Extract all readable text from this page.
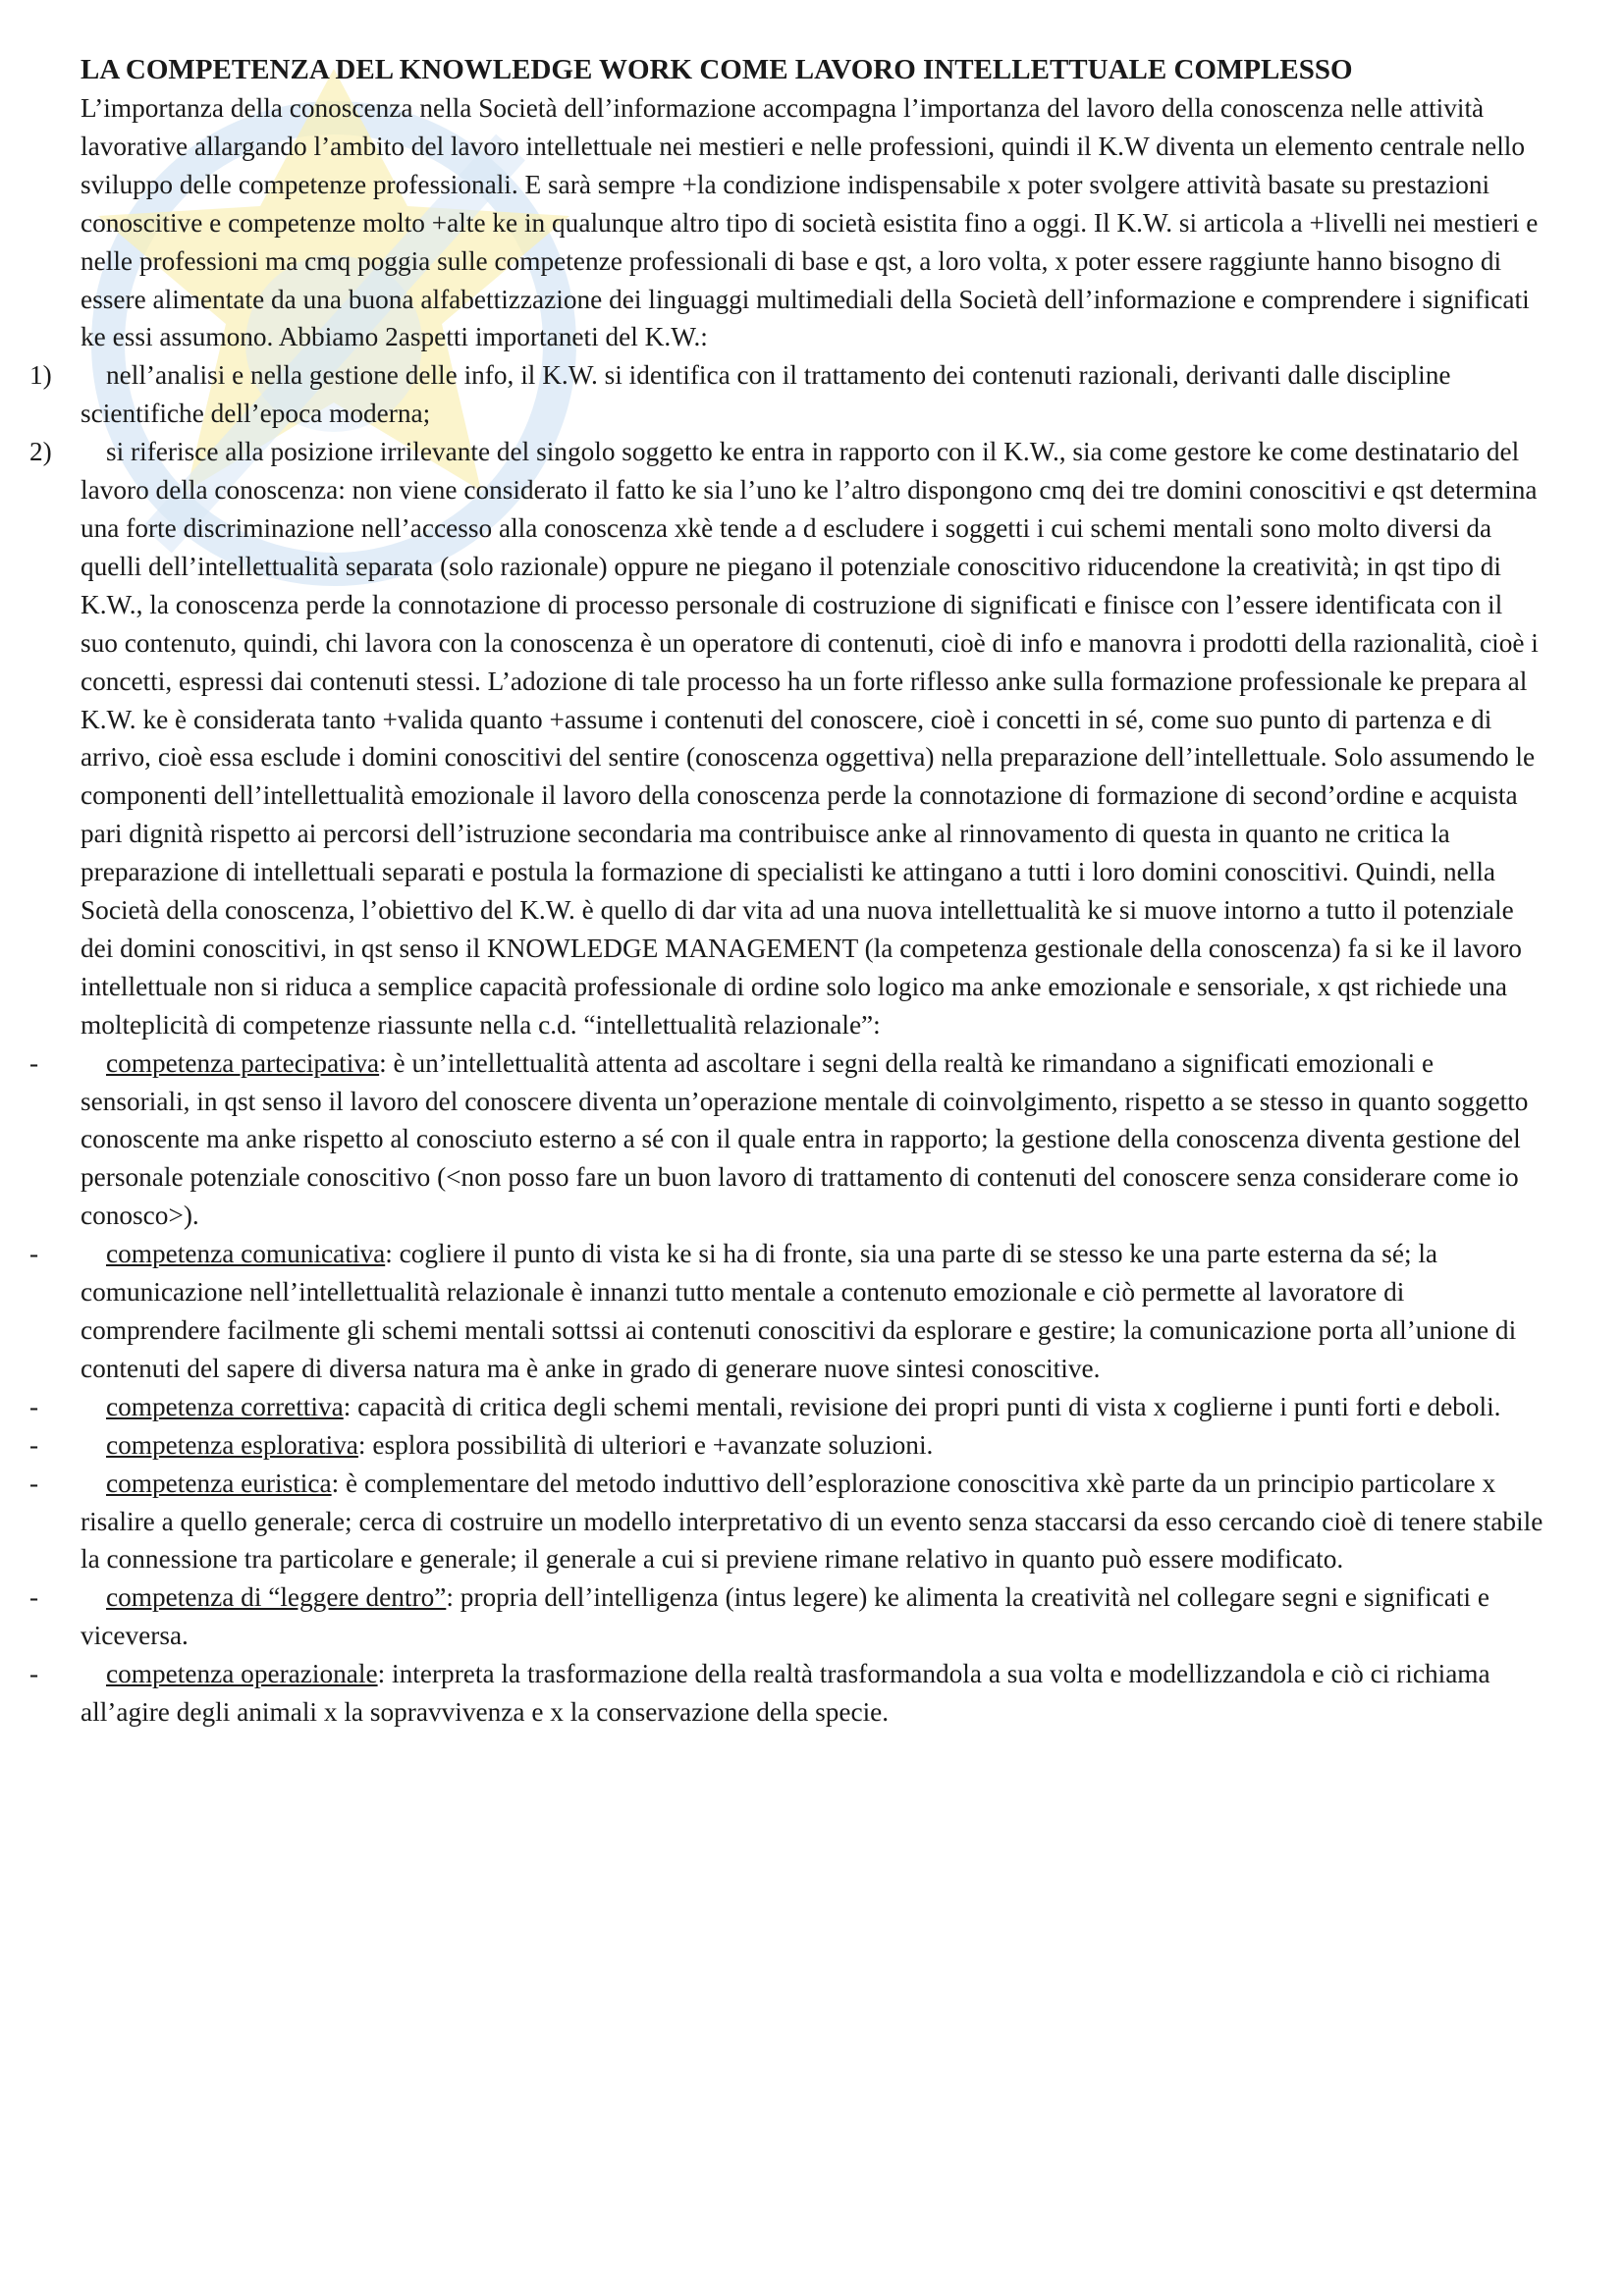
LA COMPETENZA DEL KNOWLEDGE WORK COME LAVORO INTELLETTUALE COMPLESSO

L’importanza della conoscenza nella Società dell’informazione accompagna l’importanza del lavoro della conoscenza nelle attività lavorative allargando l’ambito del lavoro intellettuale nei mestieri e nelle professioni, quindi il K.W diventa un elemento centrale nello sviluppo delle competenze professionali. E sarà sempre +la condizione indispensabile x poter svolgere attività basate su prestazioni conoscitive e competenze molto +alte ke in qualunque altro tipo di società esistita fino a oggi. Il K.W. si articola a +livelli nei mestieri e nelle professioni ma cmq poggia sulle competenze professionali di base e qst, a loro volta, x poter essere raggiunte hanno bisogno di essere alimentate da una buona alfabettizzazione dei linguaggi multimediali della Società dell’informazione e comprendere i significati ke essi assumono. Abbiamo 2aspetti importaneti del K.W.:

1) nell’analisi e nella gestione delle info, il K.W. si identifica con il trattamento dei contenuti razionali, derivanti dalle discipline scientifiche dell’epoca moderna;
2) si riferisce alla posizione irrilevante del singolo soggetto ke entra in rapporto con il K.W., sia come gestore ke come destinatario del lavoro della conoscenza: non viene considerato il fatto ke sia l’uno ke l’altro dispongono cmq dei tre domini conoscitivi e qst determina una forte discriminazione nell’accesso alla conoscenza xkè tende a d escludere i soggetti i cui schemi mentali sono molto diversi da quelli dell’intellettualità separata (solo razionale) oppure ne piegano il potenziale conoscitivo riducendone la creatività; in qst tipo di K.W., la conoscenza perde la connotazione di processo personale di costruzione di significati e finisce con l’essere identificata con il suo contenuto, quindi, chi lavora con la conoscenza è un operatore di contenuti, cioè di info e manovra i prodotti della razionalità, cioè i concetti, espressi dai contenuti stessi. L’adozione di tale processo ha un forte riflesso anke sulla formazione professionale ke prepara al K.W. ke è considerata tanto +valida quanto +assume i contenuti del conoscere, cioè i concetti in sé, come suo punto di partenza e di arrivo, cioè essa esclude i domini conoscitivi del sentire (conoscenza oggettiva) nella preparazione dell’intellettuale. Solo assumendo le componenti dell’intellettualità emozionale il lavoro della conoscenza perde la connotazione di formazione di second’ordine e acquista pari dignità rispetto ai percorsi dell’istruzione secondaria ma contribuisce anke al rinnovamento di questa in quanto ne critica la preparazione di intellettuali separati e postula la formazione di specialisti ke attingano a tutti i loro domini conoscitivi. Quindi, nella Società della conoscenza, l’obiettivo del K.W. è quello di dar vita ad una nuova intellettualità ke si muove intorno a tutto il potenziale dei domini conoscitivi, in qst senso il KNOWLEDGE MANAGEMENT (la competenza gestionale della conoscenza) fa si ke il lavoro intellettuale non si riduca a semplice capacità professionale di ordine solo logico ma anke emozionale e sensoriale, x qst richiede una molteplicità di competenze riassunte nella c.d. “intellettualità relazionale”:
-	competenza partecipativa: è un’intellettualità attenta ad ascoltare i segni della realtà ke rimandano a significati emozionali e sensoriali, in qst senso il lavoro del conoscere diventa un’operazione mentale di coinvolgimento, rispetto a se stesso in quanto soggetto conoscente ma anke rispetto al conosciuto esterno a sé con il quale entra in rapporto; la gestione della conoscenza diventa gestione del personale potenziale conoscitivo (<non posso fare un buon lavoro di trattamento di contenuti del conoscere senza considerare come io conosco>).
-	competenza comunicativa: cogliere il punto di vista ke si ha di fronte, sia una parte di se stesso ke una parte esterna da sé; la comunicazione nell’intellettualità relazionale è innanzi tutto mentale a contenuto emozionale e ciò permette al lavoratore di comprendere facilmente gli schemi mentali sottssi ai contenuti conoscitivi da esplorare e gestire; la comunicazione porta all’unione di contenuti del sapere di diversa natura ma è anke in grado di generare nuove sintesi conoscitive.
-	competenza correttiva: capacità di critica degli schemi mentali, revisione dei propri punti di vista x coglierne i punti forti e deboli.
-	competenza esplorativa: esplora possibilità di ulteriori e +avanzate soluzioni.
-	competenza euristica: è complementare del metodo induttivo dell’esplorazione conoscitiva xkè parte da un principio particolare x risalire a quello generale; cerca di costruire un modello interpretativo di un evento senza staccarsi da esso cercando cioè di tenere stabile la connessione tra particolare e generale; il generale a cui si previene rimane relativo in quanto può essere modificato.
-	competenza di “leggere dentro”: propria dell’intelligenza (intus legere) ke alimenta la creatività nel collegare segni e significati e viceversa.
-	competenza operazionale: interpreta la trasformazione della realtà trasformandola a sua volta e modellizzandola e ciò ci richiama all’agire degli animali x la sopravvivenza e x la conservazione della specie.
